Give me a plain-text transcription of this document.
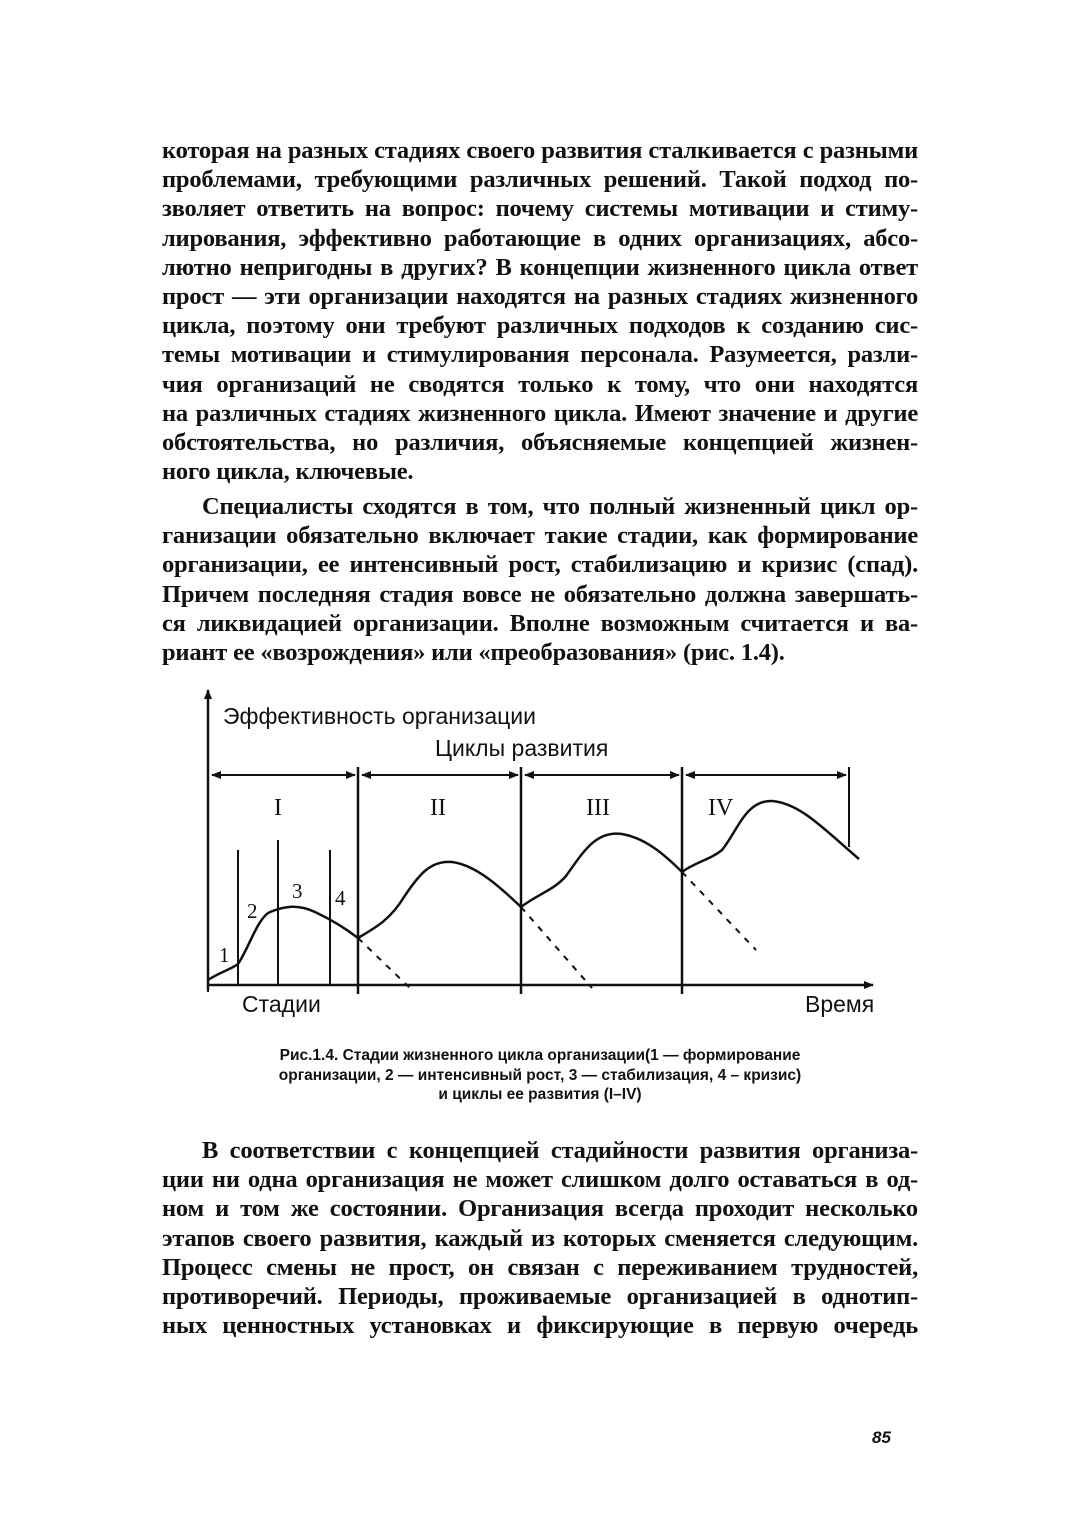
которая на разных стадиях своего развития сталкивается с разными
проблемами, требующими различных решений. Такой подход по-
зволяет ответить на вопрос: почему системы мотивации и стиму-
лирования, эффективно работающие в одних организациях, абсо-
лютно непригодны в других? В концепции жизненного цикла ответ
прост — эти организации находятся на разных стадиях жизненного
цикла, поэтому они требуют различных подходов к созданию сис-
темы мотивации и стимулирования персонала. Разумеется, разли-
чия организаций не сводятся только к тому, что они находятся
на различных стадиях жизненного цикла. Имеют значение и другие
обстоятельства, но различия, объясняемые концепцией жизнен-
ного цикла, ключевые.
Специалисты сходятся в том, что полный жизненный цикл ор-
ганизации обязательно включает такие стадии, как формирование
организации, ее интенсивный рост, стабилизацию и кризис (спад).
Причем последняя стадия вовсе не обязательно должна завершать-
ся ликвидацией организации. Вполне возможным считается и ва-
риант ее «возрождения» или «преобразования» (рис. 1.4).
Эффективность организации
Циклы развития
I	II	III	IV
1
2
3 4
Стадии	Время
Рис.1.4. Стадии жизненного цикла организации(1 — формирование
организации, 2 — интенсивный рост, 3 — стабилизация, 4 – кризис)
и циклы ее развития (I–IV)
В соответствии с концепцией стадийности развития организа-
ции ни одна организация не может слишком долго оставаться в од-
ном и том же состоянии. Организация всегда проходит несколько
этапов своего развития, каждый из которых сменяется следующим.
Процесс смены не прост, он связан с переживанием трудностей,
противоречий. Периоды, проживаемые организацией в однотип-
ных ценностных установках и фиксирующие в первую очередь
85
